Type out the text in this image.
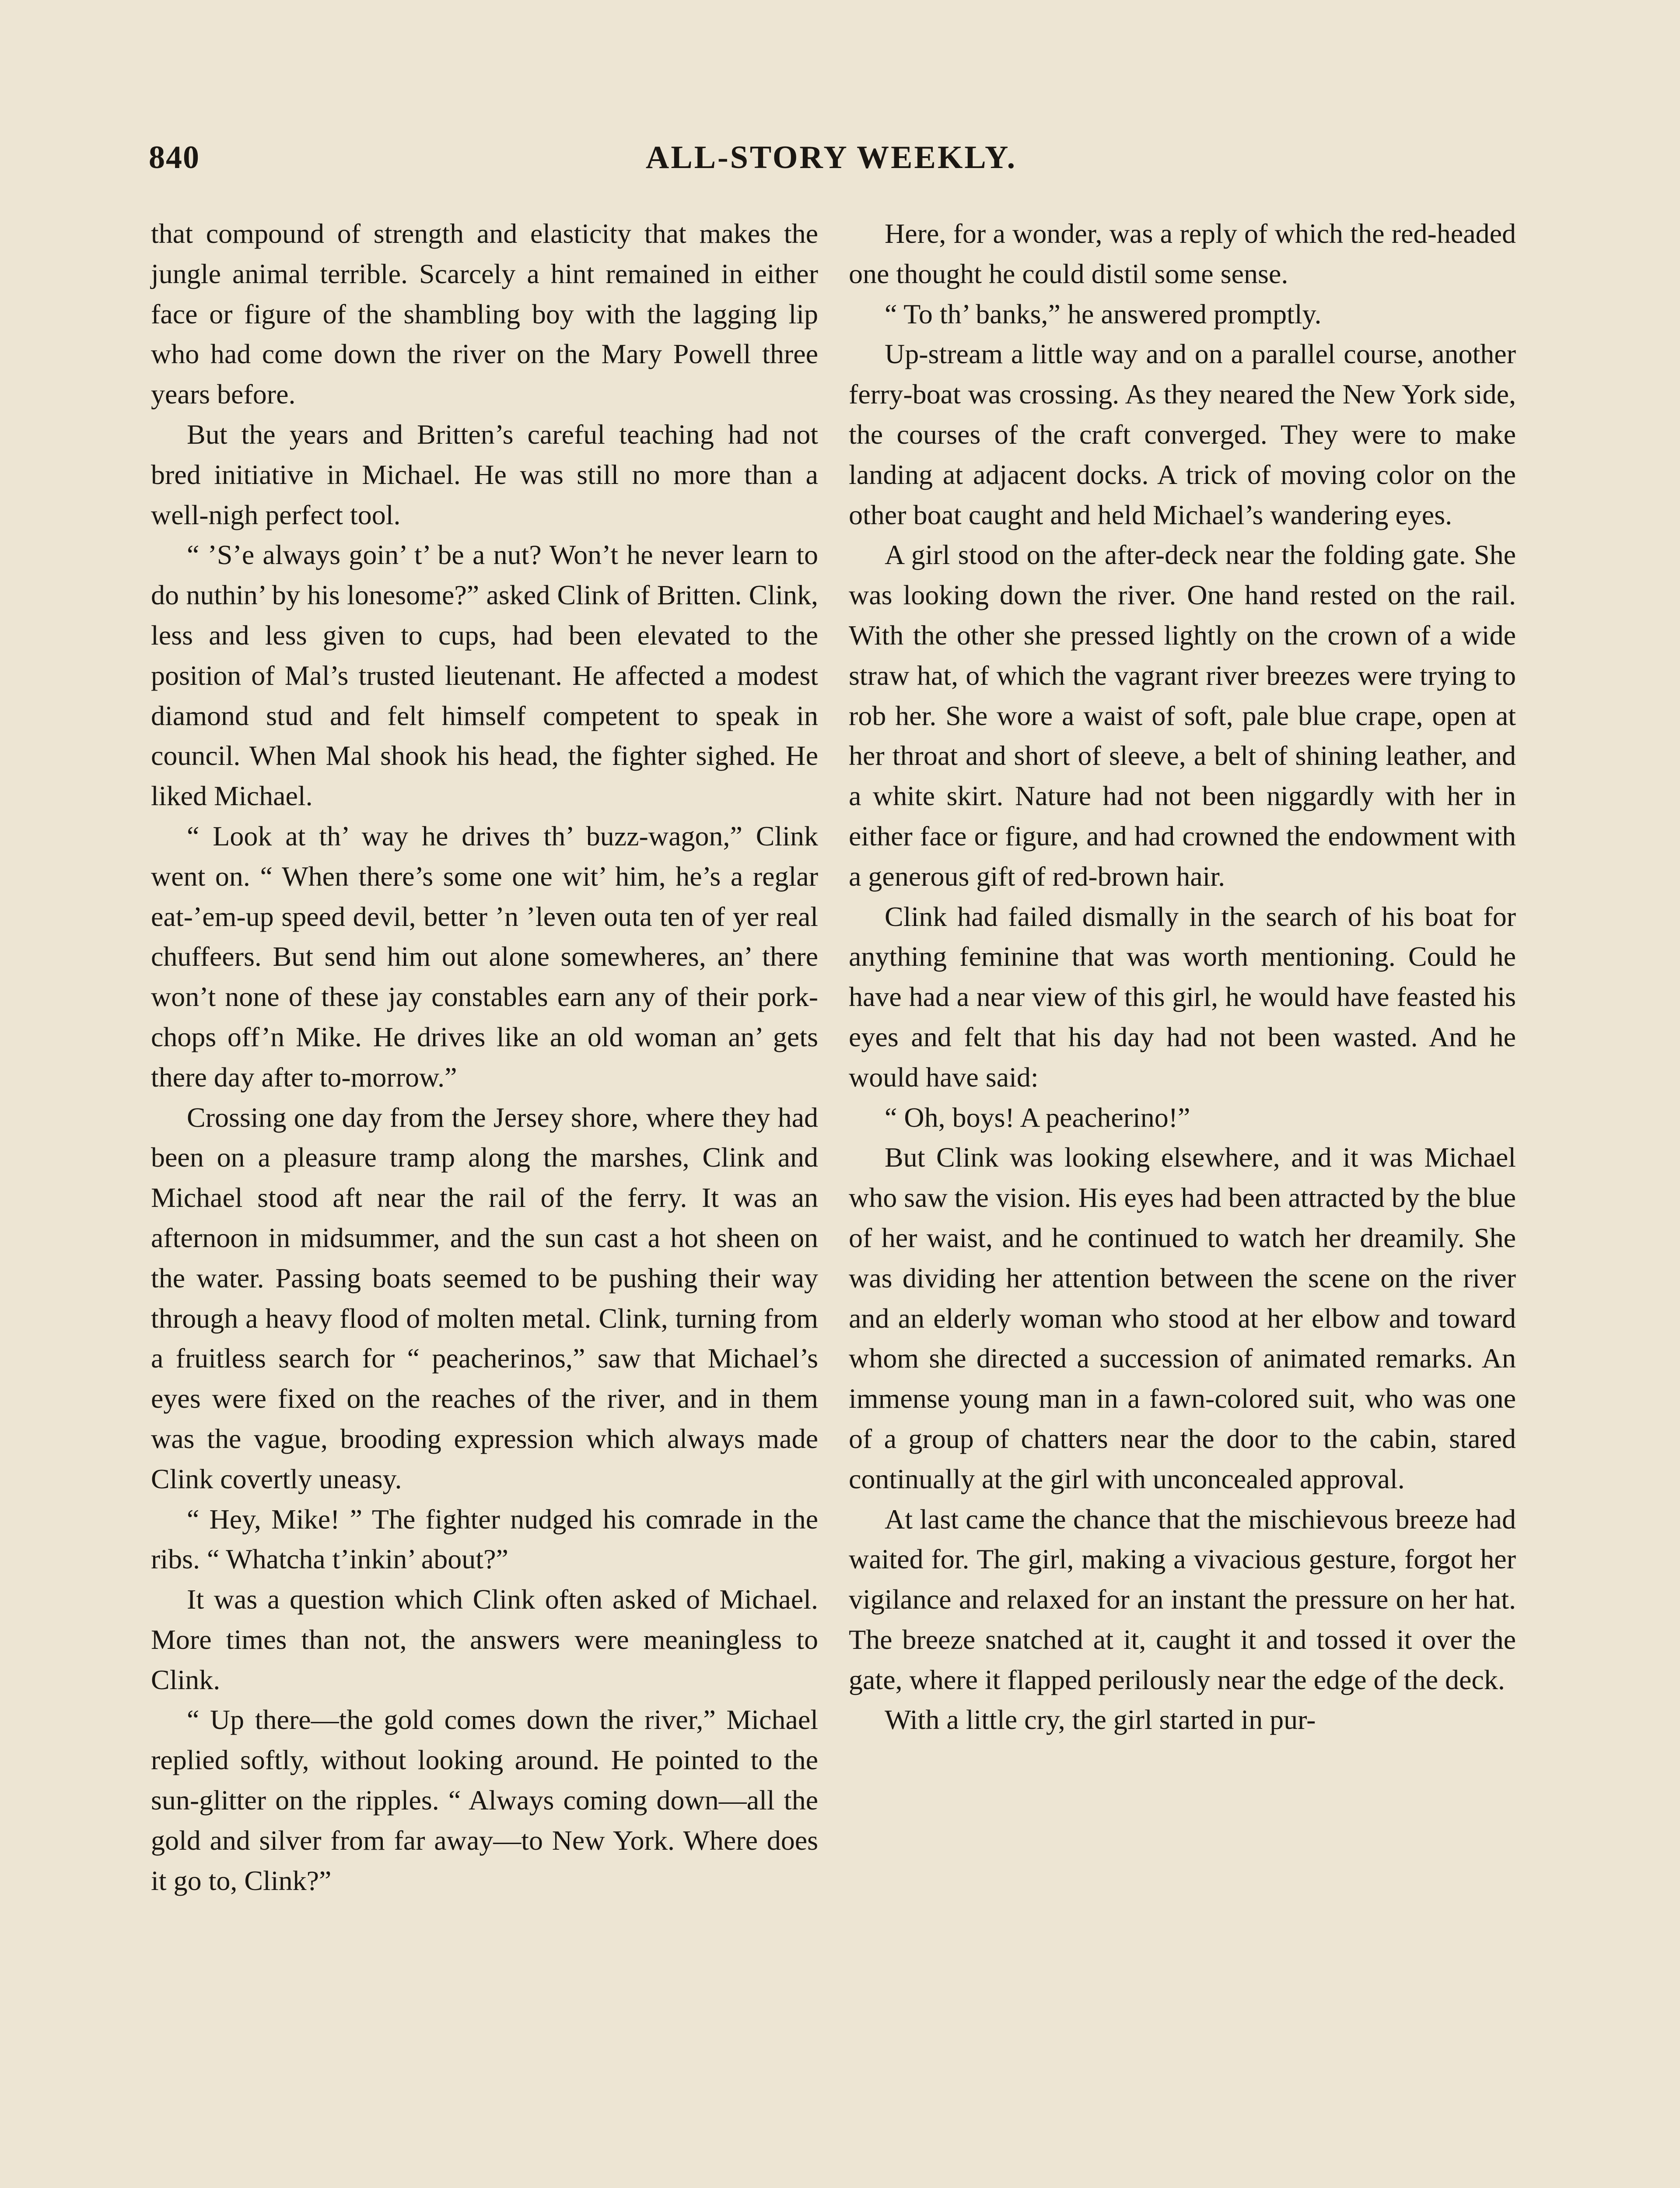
840	ALL-STORY WEEKLY.

that compound of strength and elasticity that makes the jungle animal terrible. Scarcely a hint remained in either face or figure of the shambling boy with the lagging lip who had come down the river on the Mary Powell three years before.

But the years and Britten’s careful teaching had not bred initiative in Michael. He was still no more than a well-nigh perfect tool.

“ ’S’e always goin’ t’ be a nut? Won’t he never learn to do nuthin’ by his lonesome?” asked Clink of Britten. Clink, less and less given to cups, had been elevated to the position of Mal’s trusted lieutenant. He affected a modest diamond stud and felt himself competent to speak in council. When Mal shook his head, the fighter sighed. He liked Michael.

“ Look at th’ way he drives th’ buzz-wagon,” Clink went on. “ When there’s some one wit’ him, he’s a reglar eat-’em-up speed devil, better ’n ’leven outa ten of yer real chuffeers. But send him out alone somewheres, an’ there won’t none of these jay constables earn any of their pork-chops off’n Mike. He drives like an old woman an’ gets there day after to-morrow.”

Crossing one day from the Jersey shore, where they had been on a pleasure tramp along the marshes, Clink and Michael stood aft near the rail of the ferry. It was an afternoon in midsummer, and the sun cast a hot sheen on the water. Passing boats seemed to be pushing their way through a heavy flood of molten metal. Clink, turning from a fruitless search for “ peacherinos,” saw that Michael’s eyes were fixed on the reaches of the river, and in them was the vague, brooding expression which always made Clink covertly uneasy.

“ Hey, Mike! ” The fighter nudged his comrade in the ribs. “ Whatcha t’inkin’ about?”

It was a question which Clink often asked of Michael. More times than not, the answers were meaningless to Clink.

“ Up there—the gold comes down the river,” Michael replied softly, without looking around. He pointed to the sun-glitter on the ripples. “ Always coming down—all the gold and silver from far away—to New York. Where does it go to, Clink?”

Here, for a wonder, was a reply of which the red-headed one thought he could distil some sense.

“ To th’ banks,” he answered promptly.

Up-stream a little way and on a parallel course, another ferry-boat was crossing. As they neared the New York side, the courses of the craft converged. They were to make landing at adjacent docks. A trick of moving color on the other boat caught and held Michael’s wandering eyes.

A girl stood on the after-deck near the folding gate. She was looking down the river. One hand rested on the rail. With the other she pressed lightly on the crown of a wide straw hat, of which the vagrant river breezes were trying to rob her. She wore a waist of soft, pale blue crape, open at her throat and short of sleeve, a belt of shining leather, and a white skirt. Nature had not been niggardly with her in either face or figure, and had crowned the endowment with a generous gift of red-brown hair.

Clink had failed dismally in the search of his boat for anything feminine that was worth mentioning. Could he have had a near view of this girl, he would have feasted his eyes and felt that his day had not been wasted. And he would have said:

“ Oh, boys! A peacherino!”

But Clink was looking elsewhere, and it was Michael who saw the vision. His eyes had been attracted by the blue of her waist, and he continued to watch her dreamily. She was dividing her attention between the scene on the river and an elderly woman who stood at her elbow and toward whom she directed a succession of animated remarks. An immense young man in a fawn-colored suit, who was one of a group of chatters near the door to the cabin, stared continually at the girl with unconcealed approval.

At last came the chance that the mischievous breeze had waited for. The girl, making a vivacious gesture, forgot her vigilance and relaxed for an instant the pressure on her hat. The breeze snatched at it, caught it and tossed it over the gate, where it flapped perilously near the edge of the deck.

With a little cry, the girl started in pur-
